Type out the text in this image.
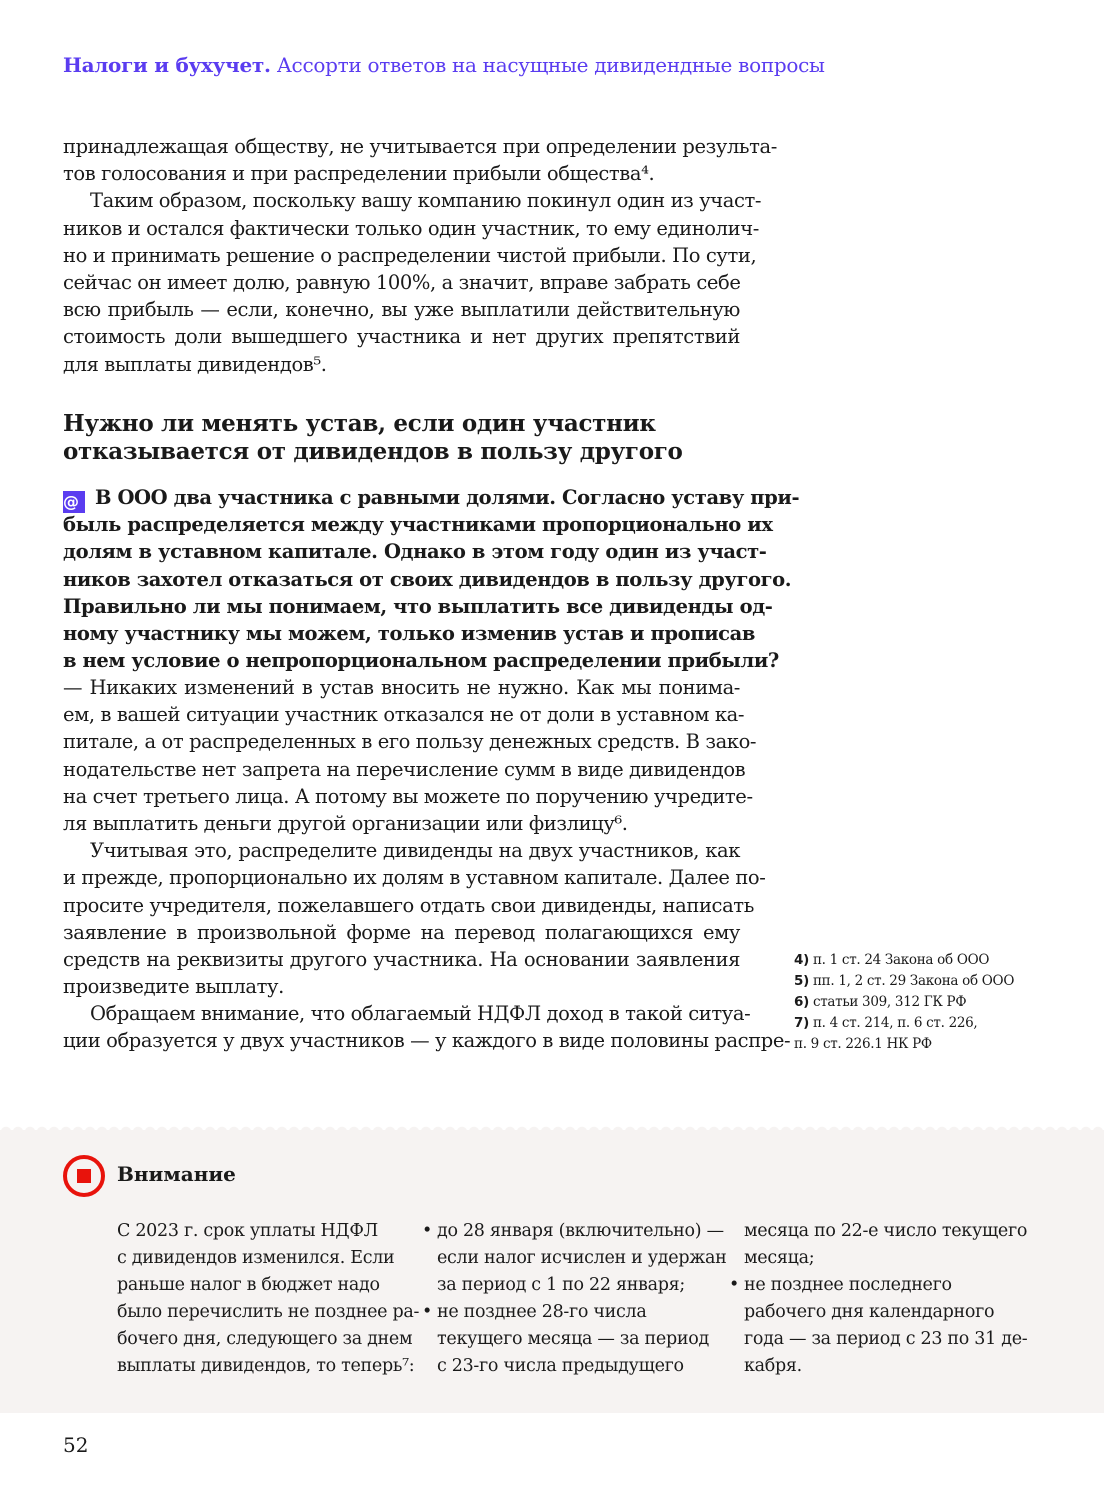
Налоги и бухучет. Ассорти ответов на насущные дивидендные вопросы
принадлежащая обществу, не учитывается при определении результа-
тов голосования и при распределении прибыли общества⁴.
Таким образом, поскольку вашу компанию покинул один из участ-
ников и остался фактически только один участник, то ему единолич-
но и принимать решение о распределении чистой прибыли. По сути,
сейчас он имеет долю, равную 100%, а значит, вправе забрать себе
всю прибыль — если, конечно, вы уже выплатили действительную
стоимость доли вышедшего участника и нет других препятствий
для выплаты дивидендов⁵.
Нужно ли менять устав, если один участник
отказывается от дивидендов в пользу другого
@ В ООО два участника с равными долями. Согласно уставу при-
быль распределяется между участниками пропорционально их
долям в уставном капитале. Однако в этом году один из участ-
ников захотел отказаться от своих дивидендов в пользу другого.
Правильно ли мы понимаем, что выплатить все дивиденды од-
ному участнику мы можем, только изменив устав и прописав
в нем условие о непропорциональном распределении прибыли?
— Никаких изменений в устав вносить не нужно. Как мы понима-
ем, в вашей ситуации участник отказался не от доли в уставном ка-
питале, а от распределенных в его пользу денежных средств. В зако-
нодательстве нет запрета на перечисление сумм в виде дивидендов
на счет третьего лица. А потому вы можете по поручению учредите-
ля выплатить деньги другой организации или физлицу⁶.
Учитывая это, распределите дивиденды на двух участников, как
и прежде, пропорционально их долям в уставном капитале. Далее по-
просите учредителя, пожелавшего отдать свои дивиденды, написать
заявление в произвольной форме на перевод полагающихся ему
средств на реквизиты другого участника. На основании заявления
произведите выплату.
Обращаем внимание, что облагаемый НДФЛ доход в такой ситуа-
ции образуется у двух участников — у каждого в виде половины распре-
4) п. 1 ст. 24 Закона об ООО
5) пп. 1, 2 ст. 29 Закона об ООО
6) статьи 309, 312 ГК РФ
7) п. 4 ст. 214, п. 6 ст. 226,
п. 9 ст. 226.1 НК РФ
Внимание
С 2023 г. срок уплаты НДФЛ
с дивидендов изменился. Если
раньше налог в бюджет надо
было перечислить не позднее ра-
бочего дня, следующего за днем
выплаты дивидендов, то теперь⁷:
• до 28 января (включительно) —
если налог исчислен и удержан
за период с 1 по 22 января;
• не позднее 28-го числа
текущего месяца — за период
с 23-го числа предыдущего
месяца по 22-е число текущего
месяца;
• не позднее последнего
рабочего дня календарного
года — за период с 23 по 31 де-
кабря.
52
